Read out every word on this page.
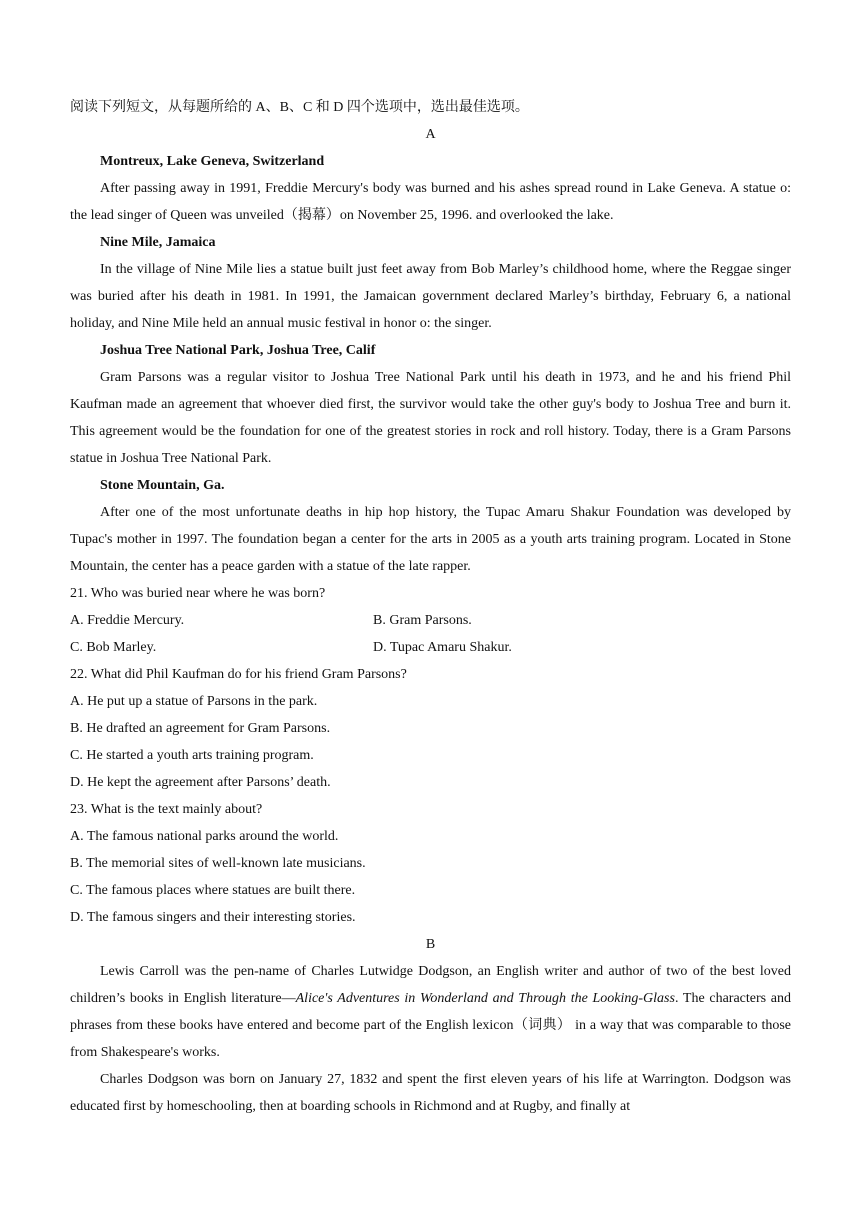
阅读下列短文，从每题所给的 A、B、C 和 D 四个选项中，选出最佳选项。

A

Montreux, Lake Geneva, Switzerland

After passing away in 1991, Freddie Mercury's body was burned and his ashes spread round in Lake Geneva. A statue o: the lead singer of Queen was unveiled（揭幕）on November 25, 1996. and overlooked the lake.

Nine Mile, Jamaica

In the village of Nine Mile lies a statue built just feet away from Bob Marley’s childhood home, where the Reggae singer was buried after his death in 1981. In 1991, the Jamaican government declared Marley’s birthday, February 6, a national holiday, and Nine Mile held an annual music festival in honor o: the singer.

Joshua Tree National Park, Joshua Tree, Calif

Gram Parsons was a regular visitor to Joshua Tree National Park until his death in 1973, and he and his friend Phil Kaufman made an agreement that whoever died first, the survivor would take the other guy's body to Joshua Tree and burn it. This agreement would be the foundation for one of the greatest stories in rock and roll history. Today, there is a Gram Parsons statue in Joshua Tree National Park.

Stone Mountain, Ga.

After one of the most unfortunate deaths in hip hop history, the Tupac Amaru Shakur Foundation was developed by Tupac's mother in 1997. The foundation began a center for the arts in 2005 as a youth arts training program. Located in Stone Mountain, the center has a peace garden with a statue of the late rapper.

21. Who was buried near where he was born?

A. Freddie Mercury.	B. Gram Parsons.
C. Bob Marley.	D. Tupac Amaru Shakur.

22. What did Phil Kaufman do for his friend Gram Parsons?

A. He put up a statue of Parsons in the park.

B. He drafted an agreement for Gram Parsons.

C. He started a youth arts training program.

D. He kept the agreement after Parsons’ death.

23. What is the text mainly about?

A. The famous national parks around the world.

B. The memorial sites of well-known late musicians.

C. The famous places where statues are built there.

D. The famous singers and their interesting stories.

B

Lewis Carroll was the pen-name of Charles Lutwidge Dodgson, an English writer and author of two of the best loved children’s books in English literature—Alice's Adventures in Wonderland and Through the Looking-Glass. The characters and phrases from these books have entered and become part of the English lexicon（词典） in a way that was comparable to those from Shakespeare's works.

Charles Dodgson was born on January 27, 1832 and spent the first eleven years of his life at Warrington. Dodgson was educated first by homeschooling, then at boarding schools in Richmond and at Rugby, and finally at
